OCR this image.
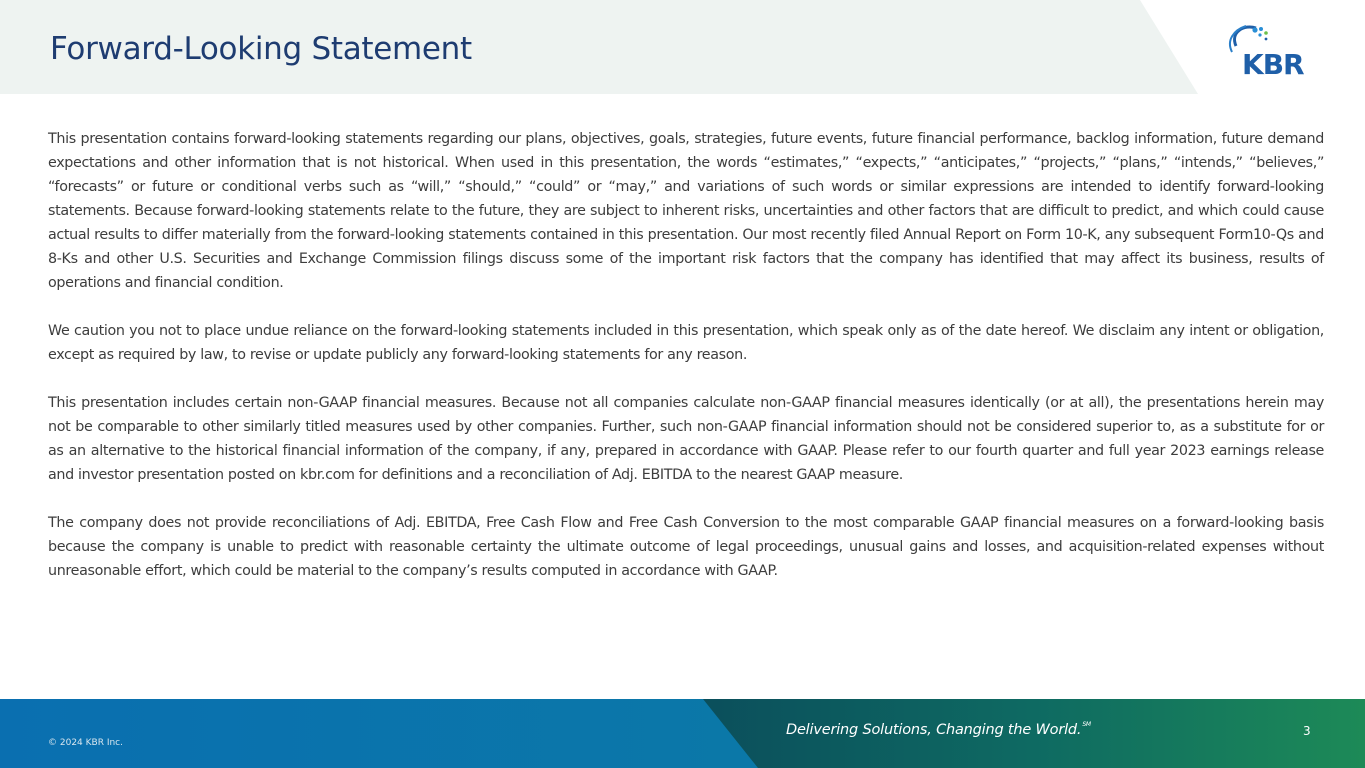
Forward-Looking Statement	KBR

This presentation contains forward-looking statements regarding our plans, objectives, goals, strategies, future events, future financial performance, backlog information, future demand expectations and other information that is not historical. When used in this presentation, the words “estimates,” “expects,” “anticipates,” “projects,” “plans,” “intends,” “believes,” “forecasts” or future or conditional verbs such as “will,” “should,” “could” or “may,” and variations of such words or similar expressions are intended to identify forward-looking statements. Because forward-looking statements relate to the future, they are subject to inherent risks, uncertainties and other factors that are difficult to predict, and which could cause actual results to differ materially from the forward-looking statements contained in this presentation. Our most recently filed Annual Report on Form 10-K, any subsequent Form10-Qs and 8-Ks and other U.S. Securities and Exchange Commission filings discuss some of the important risk factors that the company has identified that may affect its business, results of operations and financial condition.

We caution you not to place undue reliance on the forward-looking statements included in this presentation, which speak only as of the date hereof. We disclaim any intent or obligation, except as required by law, to revise or update publicly any forward-looking statements for any reason.

This presentation includes certain non-GAAP financial measures. Because not all companies calculate non-GAAP financial measures identically (or at all), the presentations herein may not be comparable to other similarly titled measures used by other companies. Further, such non-GAAP financial information should not be considered superior to, as a substitute for or as an alternative to the historical financial information of the company, if any, prepared in accordance with GAAP. Please refer to our fourth quarter and full year 2023 earnings release and investor presentation posted on kbr.com for definitions and a reconciliation of Adj. EBITDA to the nearest GAAP measure.

The company does not provide reconciliations of Adj. EBITDA, Free Cash Flow and Free Cash Conversion to the most comparable GAAP financial measures on a forward-looking basis because the company is unable to predict with reasonable certainty the ultimate outcome of legal proceedings, unusual gains and losses, and acquisition-related expenses without unreasonable effort, which could be material to the company’s results computed in accordance with GAAP.

© 2024 KBR Inc.
Delivering Solutions, Changing the World.℠	3
